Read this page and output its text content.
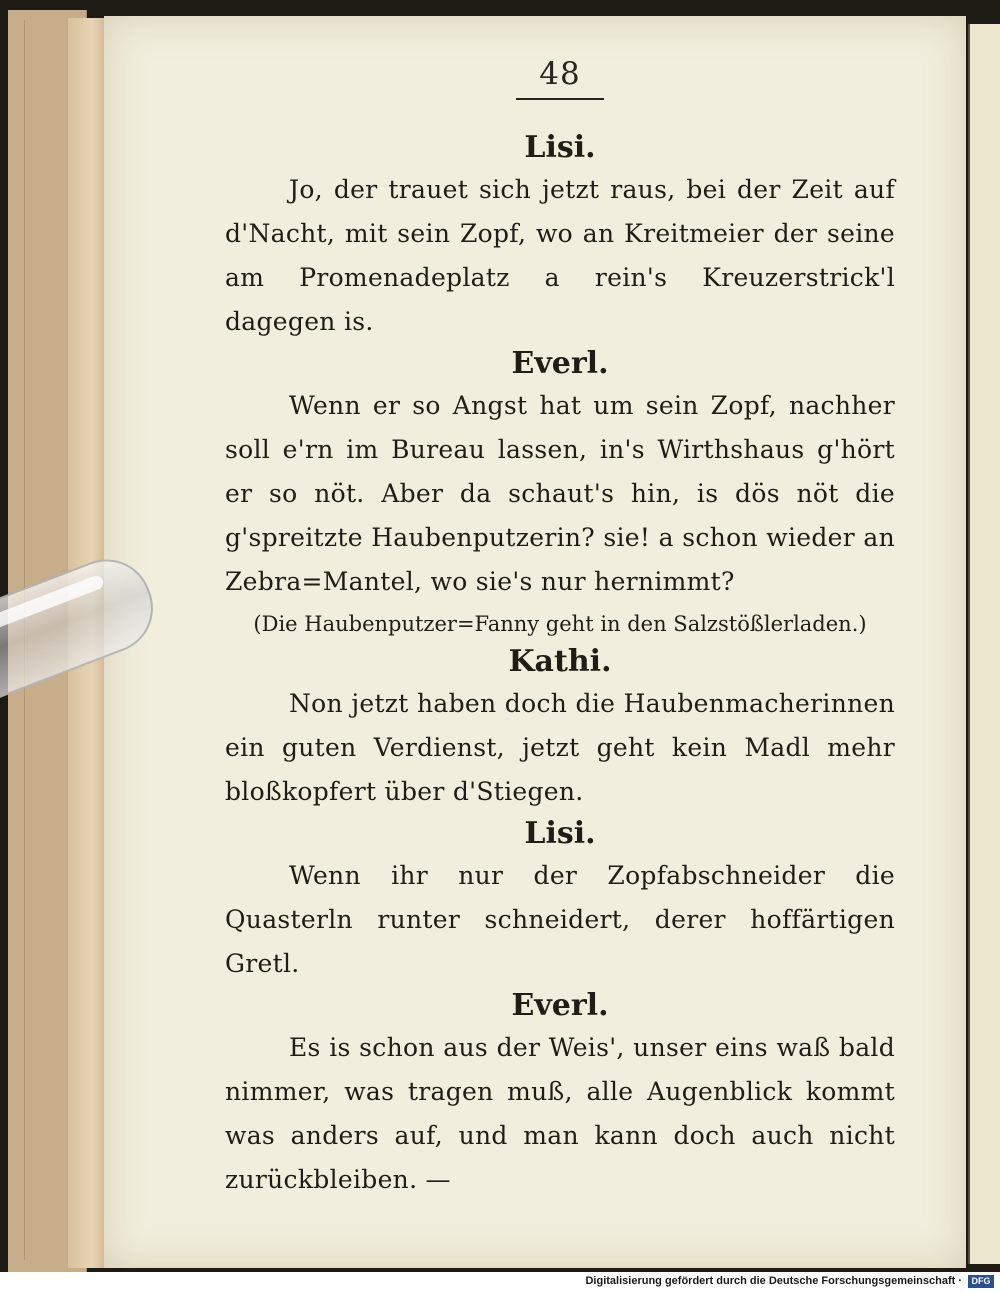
48
Lisi.
Jo, der trauet sich jetzt raus, bei der Zeit auf d'Nacht, mit sein Zopf, wo an Kreitmeier der seine am Promenadeplatz a rein's Kreuzerstrick'l dagegen is.
Everl.
Wenn er so Angst hat um sein Zopf, nachher soll e'rn im Bureau lassen, in's Wirthshaus g'hört er so nöt. Aber da schaut's hin, is dös nöt die g'spreitzte Haubenputzerin? sie! a schon wieder an Zebra=Mantel, wo sie's nur hernimmt?
(Die Haubenputzer=Fanny geht in den Salzstößlerladen.)
Kathi.
Non jetzt haben doch die Haubenmacherinnen ein guten Verdienst, jetzt geht kein Madl mehr bloßkopfert über d'Stiegen.
Lisi.
Wenn ihr nur der Zopfabschneider die Quasterln runter schneidert, derer hoffärtigen Gretl.
Everl.
Es is schon aus der Weis', unser eins waß bald nimmer, was tragen muß, alle Augenblick kommt was anders auf, und man kann doch auch nicht zurückbleiben. —
Digitalisierung gefördert durch die Deutsche Forschungsgemeinschaft ·	DFG
